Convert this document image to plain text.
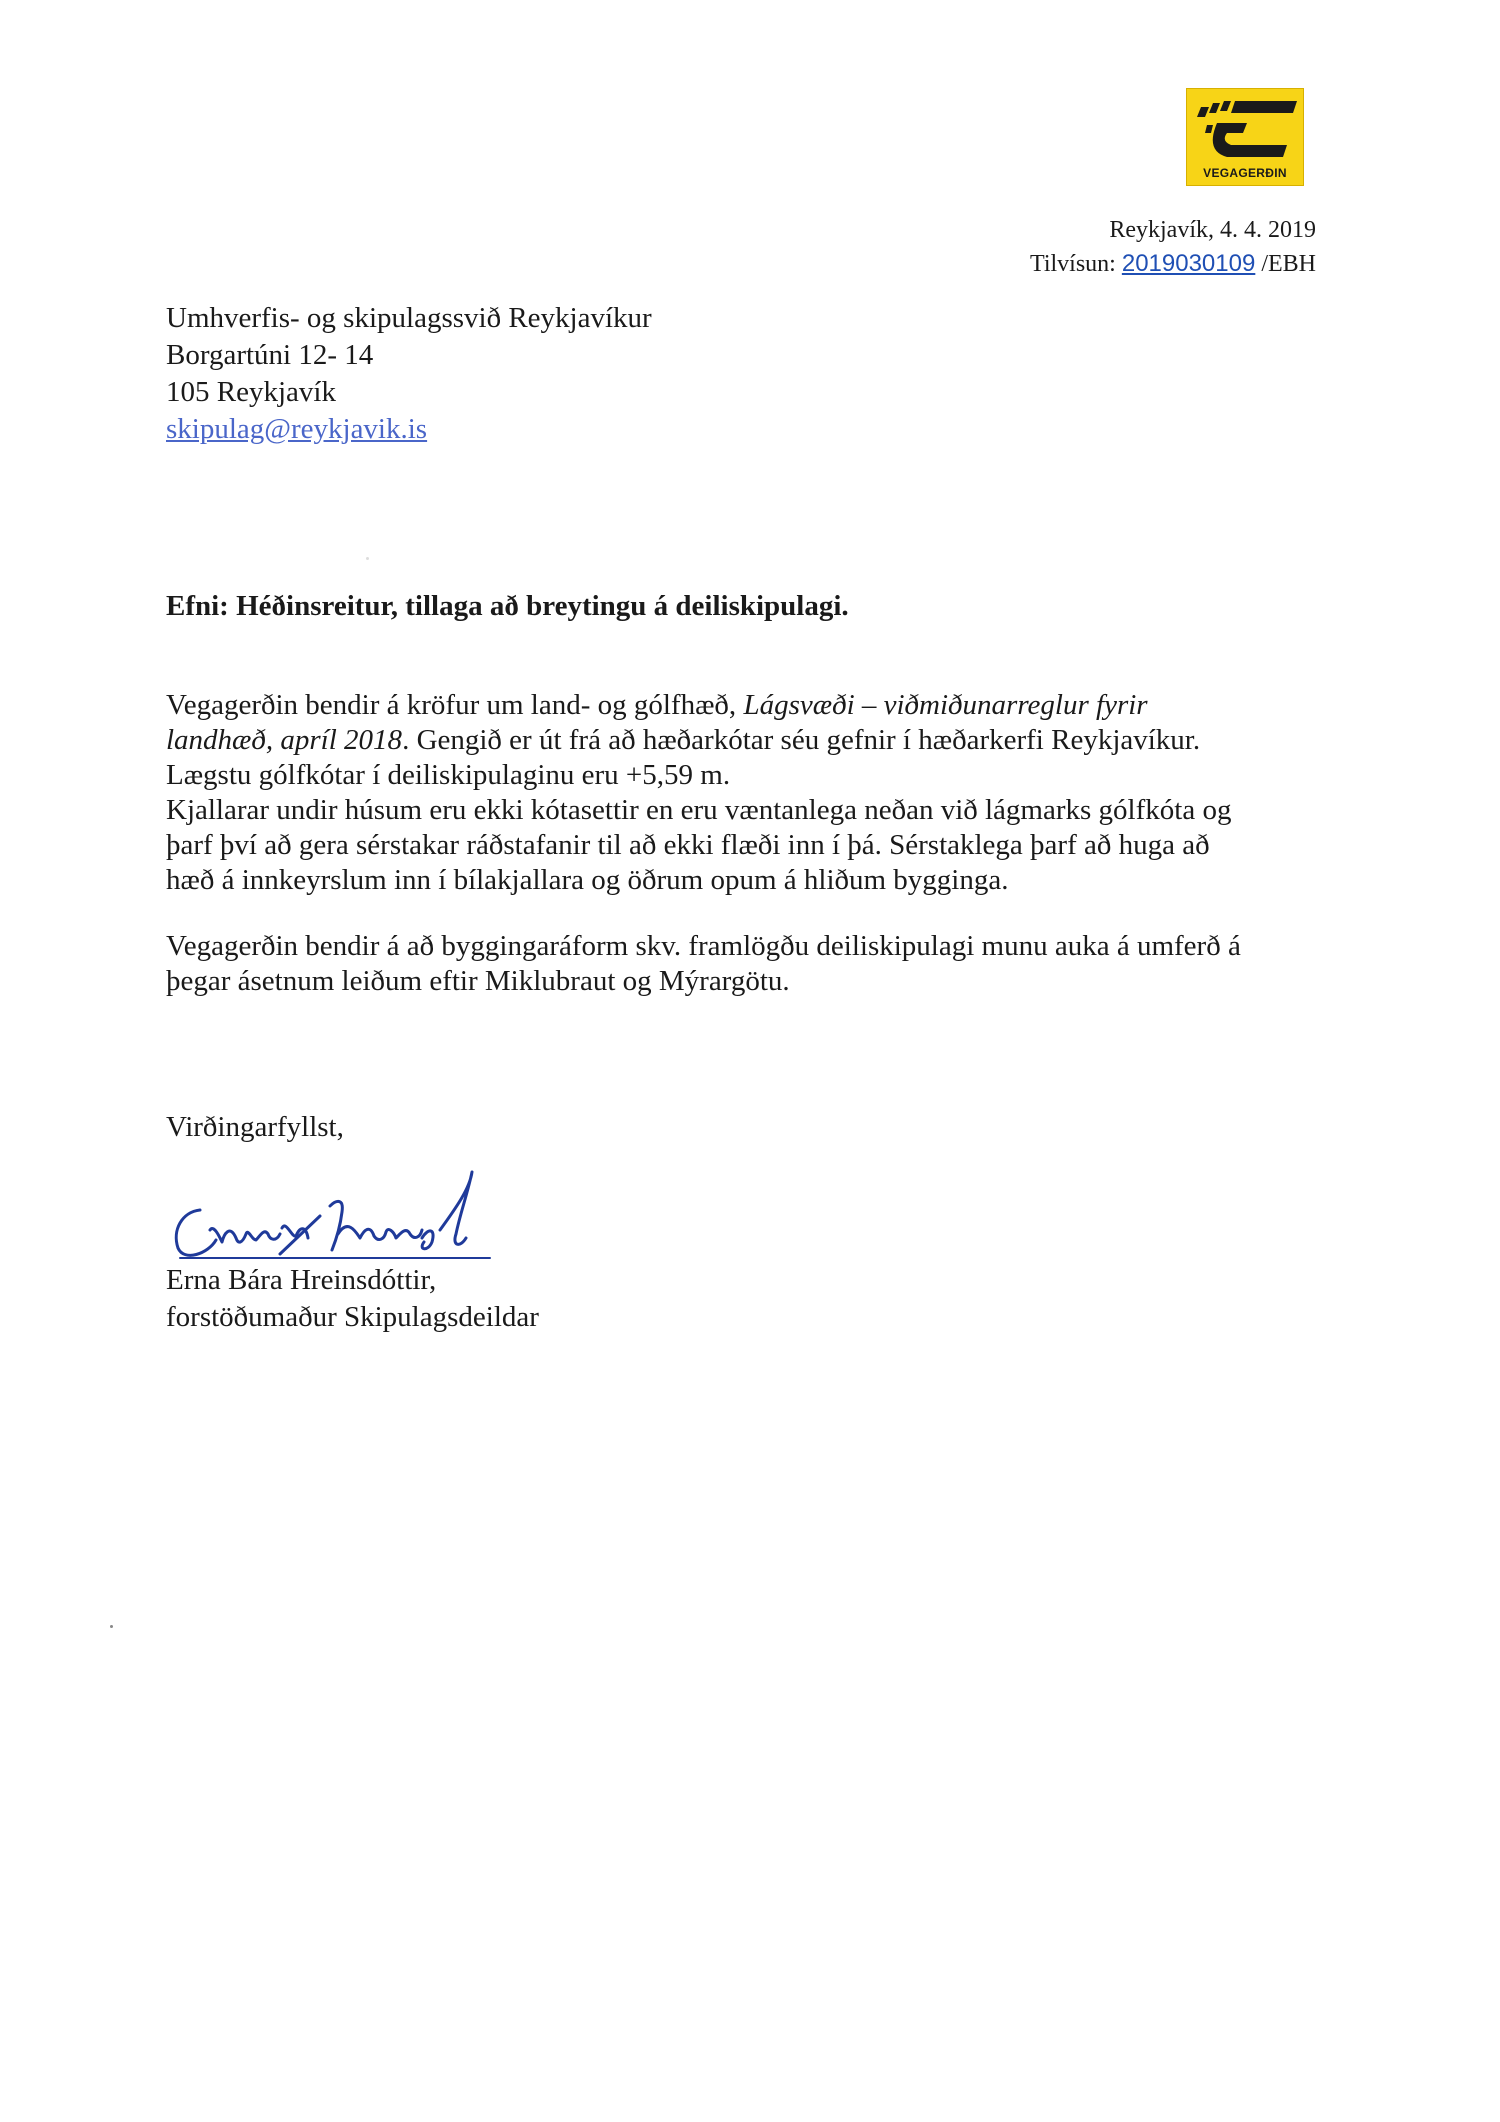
VEGAGERÐIN
Reykjavík, 4. 4. 2019
Tilvísun: 2019030109 /EBH
Umhverfis- og skipulagssvið Reykjavíkur
Borgartúni 12- 14
105 Reykjavík
skipulag@reykjavik.is
Efni: Héðinsreitur, tillaga að breytingu á deiliskipulagi.

Vegagerðin bendir á kröfur um land- og gólfhæð, Lágsvæði – viðmiðunarreglur fyrir
landhæð, apríl 2018. Gengið er út frá að hæðarkótar séu gefnir í hæðarkerfi Reykjavíkur.
Lægstu gólfkótar í deiliskipulaginu eru +5,59 m.
Kjallarar undir húsum eru ekki kótasettir en eru væntanlega neðan við lágmarks gólfkóta og
þarf því að gera sérstakar ráðstafanir til að ekki flæði inn í þá. Sérstaklega þarf að huga að
hæð á innkeyrslum inn í bílakjallara og öðrum opum á hliðum bygginga.

Vegagerðin bendir á að byggingaráform skv. framlögðu deiliskipulagi munu auka á umferð á
þegar ásetnum leiðum eftir Miklubraut og Mýrargötu.

Virðingarfyllst,
Erna Bára Hreinsdóttir,
forstöðumaður Skipulagsdeildar
